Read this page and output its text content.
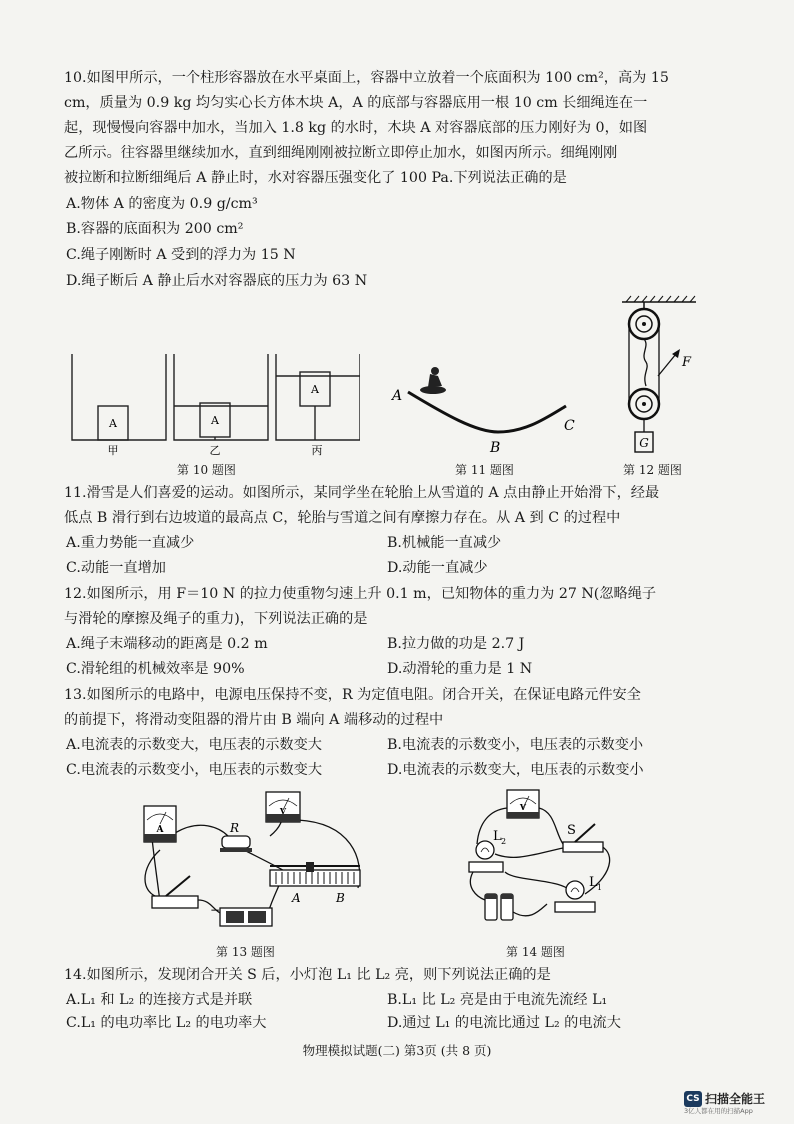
10.如图甲所示，一个柱形容器放在水平桌面上，容器中立放着一个底面积为 100 cm²，高为 15
cm，质量为 0.9 kg 均匀实心长方体木块 A，A 的底部与容器底用一根 10 cm 长细绳连在一
起，现慢慢向容器中加水，当加入 1.8 kg 的水时，木块 A 对容器底部的压力刚好为 0，如图
乙所示。往容器里继续加水，直到细绳刚刚被拉断立即停止加水，如图丙所示。细绳刚刚
被拉断和拉断细绳后 A 静止时，水对容器压强变化了 100 Pa.下列说法正确的是
A.物体 A 的密度为 0.9 g/cm³
B.容器的底面积为 200 cm²
C.绳子刚断时 A 受到的浮力为 15 N
D.绳子断后 A 静止后水对容器底的压力为 63 N
A	A
A
甲	乙	丙
第 10 题图
A
B
C
第 11 题图
F
G
第 12 题图
11.滑雪是人们喜爱的运动。如图所示，某同学坐在轮胎上从雪道的 A 点由静止开始滑下，经最
低点 B 滑行到右边坡道的最高点 C，轮胎与雪道之间有摩擦力存在。从 A 到 C 的过程中
A.重力势能一直减少	B.机械能一直减少
C.动能一直增加	D.动能一直减少
12.如图所示，用 F＝10 N 的拉力使重物匀速上升 0.1 m，已知物体的重力为 27 N(忽略绳子
与滑轮的摩擦及绳子的重力)，下列说法正确的是
A.绳子末端移动的距离是 0.2 m	B.拉力做的功是 2.7 J
C.滑轮组的机械效率是 90%	D.动滑轮的重力是 1 N
13.如图所示的电路中，电源电压保持不变，R 为定值电阻。闭合开关，在保证电路元件安全
的前提下，将滑动变阻器的滑片由 B 端向 A 端移动的过程中
A.电流表的示数变大，电压表的示数变大	B.电流表的示数变小，电压表的示数变小
C.电流表的示数变小，电压表的示数变大	D.电流表的示数变大，电压表的示数变小
A
V
R
A	B
−
第 13 题图
V
L 2
S
L 1
第 14 题图
14.如图所示，发现闭合开关 S 后，小灯泡 L₁ 比 L₂ 亮，则下列说法正确的是
A.L₁ 和 L₂ 的连接方式是并联	B.L₁ 比 L₂ 亮是由于电流先流经 L₁
C.L₁ 的电功率比 L₂ 的电功率大	D.通过 L₁ 的电流比通过 L₂ 的电流大
物理模拟试题(二) 第3页 (共 8 页)
CS 扫描全能王
3亿人都在用的扫描App
